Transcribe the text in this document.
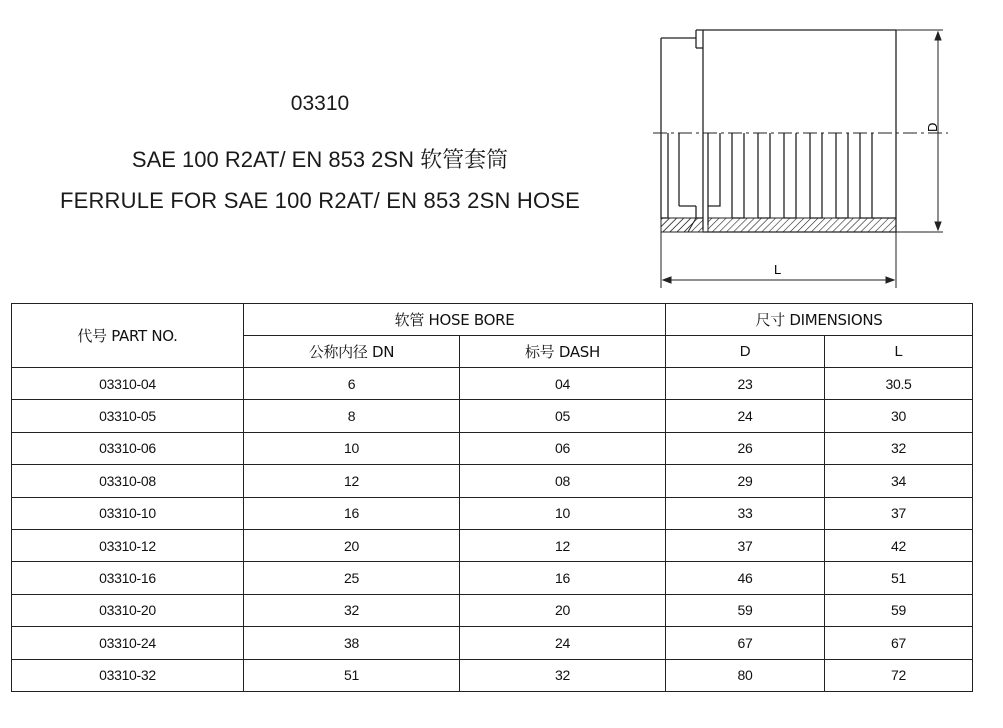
03310
SAE 100 R2AT/ EN 853 2SN 软管套筒
FERRULE FOR SAE 100 R2AT/ EN 853 2SN HOSE
D
L
代号 PART NO.	软管 HOSE BORE		尺寸 DIMENSIONS	
	公称内径 DN	标号 DASH	D	L
03310-04	6	04	23	30.5
03310-05	8	05	24	30
03310-06	10	06	26	32
03310-08	12	08	29	34
03310-10	16	10	33	37
03310-12	20	12	37	42
03310-16	25	16	46	51
03310-20	32	20	59	59
03310-24	38	24	67	67
03310-32	51	32	80	72
